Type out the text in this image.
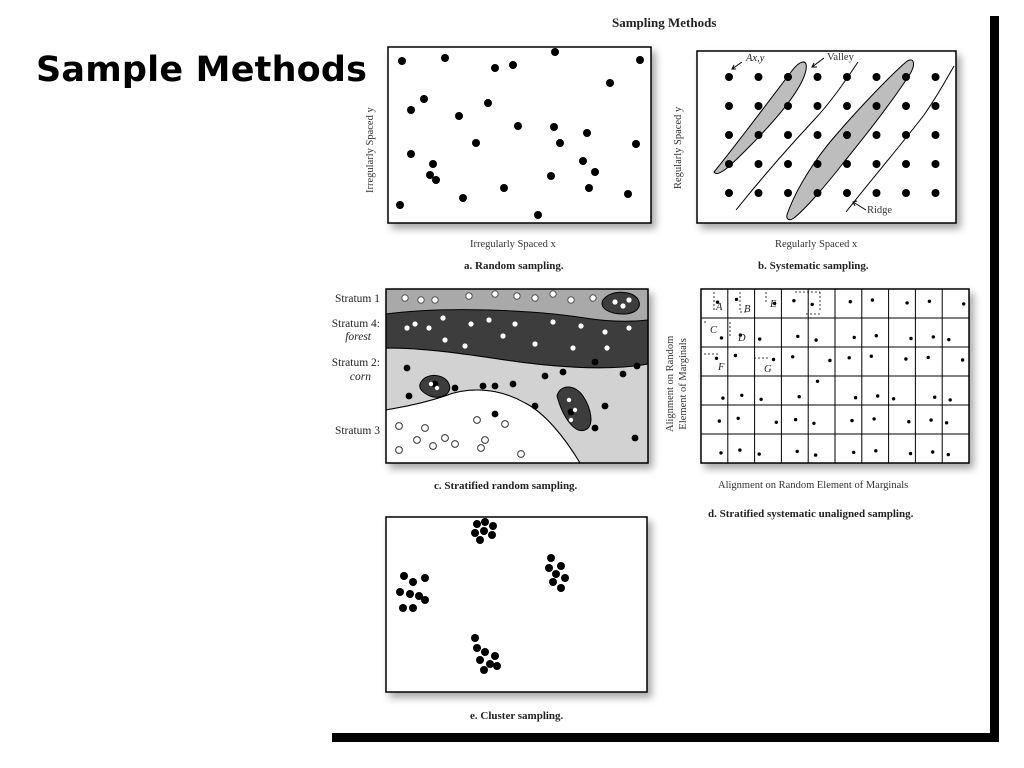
Sample Methods
Sampling Methods
Irregularly Spaced y
Irregularly Spaced x
a. Random sampling.
Ax,y	Valley
Ridge
Regularly Spaced y
Regularly Spaced x
b. Systematic sampling.
Stratum 1
Stratum 4:
forest
Stratum 2:
corn
Stratum 3
c. Stratified random sampling.
A B E
C
D
F	G
Alignment on Random Element of Marginals
Alignment on Random Element of Marginals
d. Stratified systematic unaligned sampling.
e. Cluster sampling.
